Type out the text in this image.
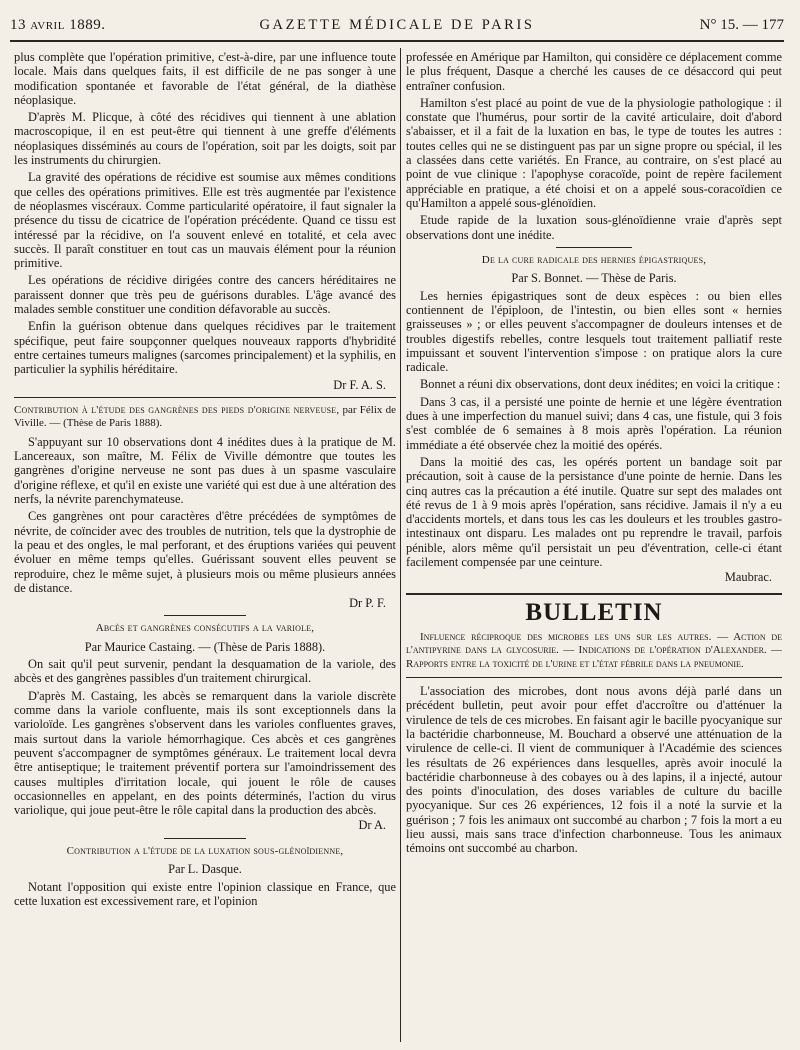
13 avril 1889.	GAZETTE MÉDICALE DE PARIS	N° 15. — 177

plus complète que l'opération primitive, c'est-à-dire, par une influence toute locale. Mais dans quelques faits, il est difficile de ne pas songer à une modification spontanée et favorable de l'état général, de la diathèse néoplasique.

D'après M. Plicque, à côté des récidives qui tiennent à une ablation macroscopique, il en est peut-être qui tiennent à une greffe d'éléments néoplasiques disséminés au cours de l'opération, soit par les doigts, soit par les instruments du chirurgien.

La gravité des opérations de récidive est soumise aux mêmes conditions que celles des opérations primitives. Elle est très augmentée par l'existence de néoplasmes viscéraux. Comme particularité opératoire, il faut signaler la présence du tissu de cicatrice de l'opération précédente. Quand ce tissu est intéressé par la récidive, on l'a souvent enlevé en totalité, et cela avec succès. Il paraît constituer en tout cas un mauvais élément pour la réunion primitive.

Les opérations de récidive dirigées contre des cancers héréditaires ne paraissent donner que très peu de guérisons durables. L'âge avancé des malades semble constituer une condition défavorable au succès.

Enfin la guérison obtenue dans quelques récidives par le traitement spécifique, peut faire soupçonner quelques nouveaux rapports d'hybridité entre certaines tumeurs malignes (sarcomes principalement) et la syphilis, en particulier la syphilis héréditaire.

Dr F. A. S.

Contribution à l'étude des gangrènes des pieds d'origine nerveuse, par Félix de Viville. — (Thèse de Paris 1888).

S'appuyant sur 10 observations dont 4 inédites dues à la pratique de M. Lancereaux, son maître, M. Félix de Viville démontre que toutes les gangrènes d'origine nerveuse ne sont pas dues à un spasme vasculaire d'origine réflexe, et qu'il en existe une variété qui est due à une altération des nerfs, la névrite parenchymateuse.

Ces gangrènes ont pour caractères d'être précédées de symptômes de névrite, de coïncider avec des troubles de nutrition, tels que la dystrophie de la peau et des ongles, le mal perforant, et des éruptions variées qui peuvent évoluer en même temps qu'elles. Guérissant souvent elles peuvent se reproduire, chez le même sujet, à plusieurs mois ou même plusieurs années de distance.

Dr P. F.

Abcès et gangrènes consécutifs a la variole,

Par Maurice Castaing. — (Thèse de Paris 1888).

On sait qu'il peut survenir, pendant la desquamation de la variole, des abcès et des gangrènes passibles d'un traitement chirurgical.

D'après M. Castaing, les abcès se remarquent dans la variole discrète comme dans la variole confluente, mais ils sont exceptionnels dans la varioloïde. Les gangrènes s'observent dans les varioles confluentes graves, mais surtout dans la variole hémorrhagique. Ces abcès et ces gangrènes peuvent s'accompagner de symptômes généraux. Le traitement local devra être antiseptique; le traitement préventif portera sur l'amoindrissement des causes multiples d'irritation locale, qui jouent le rôle de causes occasionnelles en appelant, en des points déterminés, l'action du virus variolique, qui joue peut-être le rôle capital dans la production des abcès.

Dr A.

Contribution a l'étude de la luxation sous-glénoïdienne,

Par L. Dasque.

Notant l'opposition qui existe entre l'opinion classique en France, que cette luxation est excessivement rare, et l'opinion

professée en Amérique par Hamilton, qui considère ce déplacement comme le plus fréquent, Dasque a cherché les causes de ce désaccord qui peut entraîner confusion.

Hamilton s'est placé au point de vue de la physiologie pathologique : il constate que l'humérus, pour sortir de la cavité articulaire, doit d'abord s'abaisser, et il a fait de la luxation en bas, le type de toutes les autres : toutes celles qui ne se distinguent pas par un signe propre ou spécial, il les a classées dans cette variétés. En France, au contraire, on s'est placé au point de vue clinique : l'apophyse coracoïde, point de repère facilement appréciable en pratique, a été choisi et on a appelé sous-coracoïdien ce qu'Hamilton a appelé sous-glénoïdien.

Etude rapide de la luxation sous-glénoïdienne vraie d'après sept observations dont une inédite.

De la cure radicale des hernies épigastriques,

Par S. Bonnet. — Thèse de Paris.

Les hernies épigastriques sont de deux espèces : ou bien elles contiennent de l'épiploon, de l'intestin, ou bien elles sont « hernies graisseuses » ; or elles peuvent s'accompagner de douleurs intenses et de troubles digestifs rebelles, contre lesquels tout traitement palliatif reste impuissant et souvent l'intervention s'impose : on pratique alors la cure radicale.

Bonnet a réuni dix observations, dont deux inédites; en voici la critique :

Dans 3 cas, il a persisté une pointe de hernie et une légère éventration dues à une imperfection du manuel suivi; dans 4 cas, une fistule, qui 3 fois s'est comblée de 6 semaines à 8 mois après l'opération. La réunion immédiate a été observée chez la moitié des opérés.

Dans la moitié des cas, les opérés portent un bandage soit par précaution, soit à cause de la persistance d'une pointe de hernie. Dans les cinq autres cas la précaution a été inutile. Quatre sur sept des malades ont été revus de 1 à 9 mois après l'opération, sans récidive. Jamais il n'y a eu d'accidents mortels, et dans tous les cas les douleurs et les troubles gastro-intestinaux ont disparu. Les malades ont pu reprendre le travail, parfois pénible, alors même qu'il persistait un peu d'éventration, celle-ci étant facilement compensée par une ceinture.

Maubrac.
BULLETIN

Influence réciproque des microbes les uns sur les autres. — Action de l'antipyrine dans la glycosurie. — Indications de l'opération d'Alexander. — Rapports entre la toxicité de l'urine et l'état fébrile dans la pneumonie.

L'association des microbes, dont nous avons déjà parlé dans un précédent bulletin, peut avoir pour effet d'accroître ou d'atténuer la virulence de tels de ces microbes. En faisant agir le bacille pyocyanique sur la bactéridie charbonneuse, M. Bouchard a observé une atténuation de la virulence de celle-ci. Il vient de communiquer à l'Académie des sciences les résultats de 26 expériences dans lesquelles, après avoir inoculé la bactéridie charbonneuse à des cobayes ou à des lapins, il a injecté, autour des points d'inoculation, des doses variables de culture du bacille pyocyanique. Sur ces 26 expériences, 12 fois il a noté la survie et la guérison ; 7 fois les animaux ont succombé au charbon ; 7 fois la mort a eu lieu aussi, mais sans trace d'infection charbonneuse. Tous les animaux témoins ont succombé au charbon.
